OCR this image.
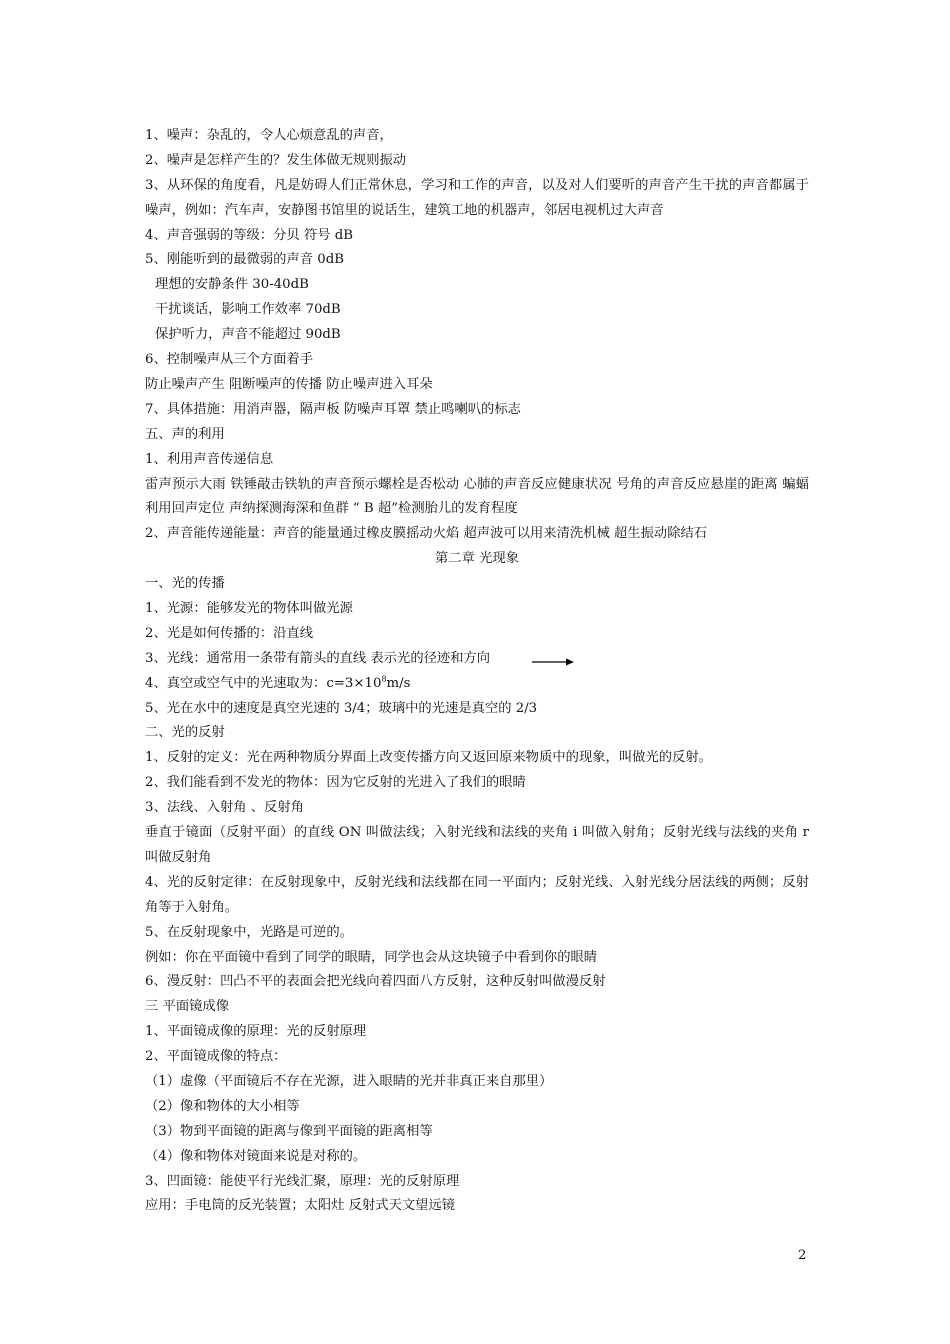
1、噪声：杂乱的，令人心烦意乱的声音，
2、噪声是怎样产生的？发生体做无规则振动
3、从环保的角度看，凡是妨碍人们正常休息，学习和工作的声音，以及对人们要听的声音产生干扰的声音都属于噪声，例如：汽车声，安静图书馆里的说话生，建筑工地的机器声，邻居电视机过大声音
4、声音强弱的等级：分贝 符号 dB
5、刚能听到的最微弱的声音 0dB
理想的安静条件 30-40dB
干扰谈话，影响工作效率 70dB
保护听力，声音不能超过 90dB
6、控制噪声从三个方面着手
防止噪声产生 阻断噪声的传播 防止噪声进入耳朵
7、具体措施：用消声器，隔声板 防噪声耳罩 禁止鸣喇叭的标志
五、声的利用
1、利用声音传递信息
雷声预示大雨 铁锤敲击铁轨的声音预示螺栓是否松动 心肺的声音反应健康状况 号角的声音反应悬崖的距离 蝙蝠利用回声定位 声纳探测海深和鱼群 “ B 超”检测胎儿的发育程度
2、声音能传递能量：声音的能量通过橡皮膜摇动火焰 超声波可以用来清洗机械 超生振动除结石
第二章 光现象
一、光的传播
1、光源：能够发光的物体叫做光源
2、光是如何传播的：沿直线
3、光线：通常用一条带有箭头的直线 表示光的径迹和方向
4、真空或空气中的光速取为：$c=3\times 10^8m/s$
5、光在水中的速度是真空光速的 3/4；玻璃中的光速是真空的 2/3
二、光的反射
1、反射的定义：光在两种物质分界面上改变传播方向又返回原来物质中的现象，叫做光的反射。
2、我们能看到不发光的物体：因为它反射的光进入了我们的眼睛
3、法线、入射角 、反射角
垂直于镜面（反射平面）的直线 ON 叫做法线；入射光线和法线的夹角 i 叫做入射角；反射光线与法线的夹角 r 叫做反射角
4、光的反射定律：在反射现象中，反射光线和法线都在同一平面内；反射光线、入射光线分居法线的两侧；反射角等于入射角。
5、在反射现象中，光路是可逆的。
例如：你在平面镜中看到了同学的眼睛，同学也会从这块镜子中看到你的眼睛
6、漫反射：凹凸不平的表面会把光线向着四面八方反射，这种反射叫做漫反射
三 平面镜成像
1、平面镜成像的原理：光的反射原理
2、平面镜成像的特点：
（1）虚像（平面镜后不存在光源，进入眼睛的光并非真正来自那里）
（2）像和物体的大小相等
（3）物到平面镜的距离与像到平面镜的距离相等
（4）像和物体对镜面来说是对称的。
3、凹面镜：能使平行光线汇聚，原理：光的反射原理
应用：手电筒的反光装置；太阳灶 反射式天文望远镜
2
